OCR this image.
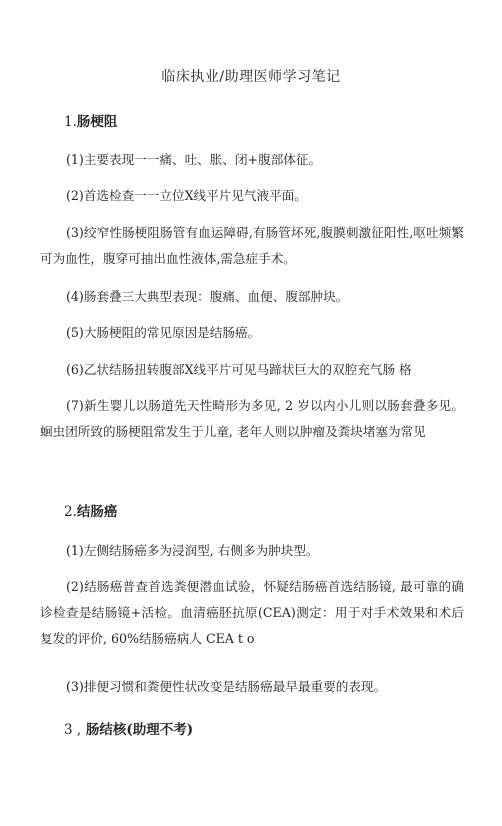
临床执业/助理医师学习笔记
1.肠梗阻

(1)主要表现一一痛、吐、胀、闭+腹部体征。

(2)首选检查一一立位X线平片见气液平面。

(3)绞窄性肠梗阻肠管有血运障碍,有肠管坏死,腹膜刺激征阳性,呕吐频繁可为血性，腹穿可抽出血性液体,需急症手术。

(4)肠套叠三大典型表现：腹痛、血便、腹部肿块。

(5)大肠梗阻的常见原因是结肠癌。

(6)乙状结肠扭转腹部X线平片可见马蹄状巨大的双腔充气肠 格

(7)新生婴儿以肠道先天性畸形为多见, 2 岁以内小儿则以肠套叠多见。蛔虫团所致的肠梗阻常发生于儿童, 老年人则以肿瘤及粪块堵塞为常见

2.结肠癌

(1)左侧结肠癌多为浸润型, 右侧多为肿块型。

(2)结肠癌普查首选粪便潜血试验，怀疑结肠癌首选结肠镜, 最可靠的确诊检查是结肠镜+活检。血清癌胚抗原(CEA)测定：用于对手术效果和术后复发的评价, 60%结肠癌病人 CEA t o

(3)排便习惯和粪便性状改变是结肠癌最早最重要的表现。

3 , 肠结核(助理不考)
